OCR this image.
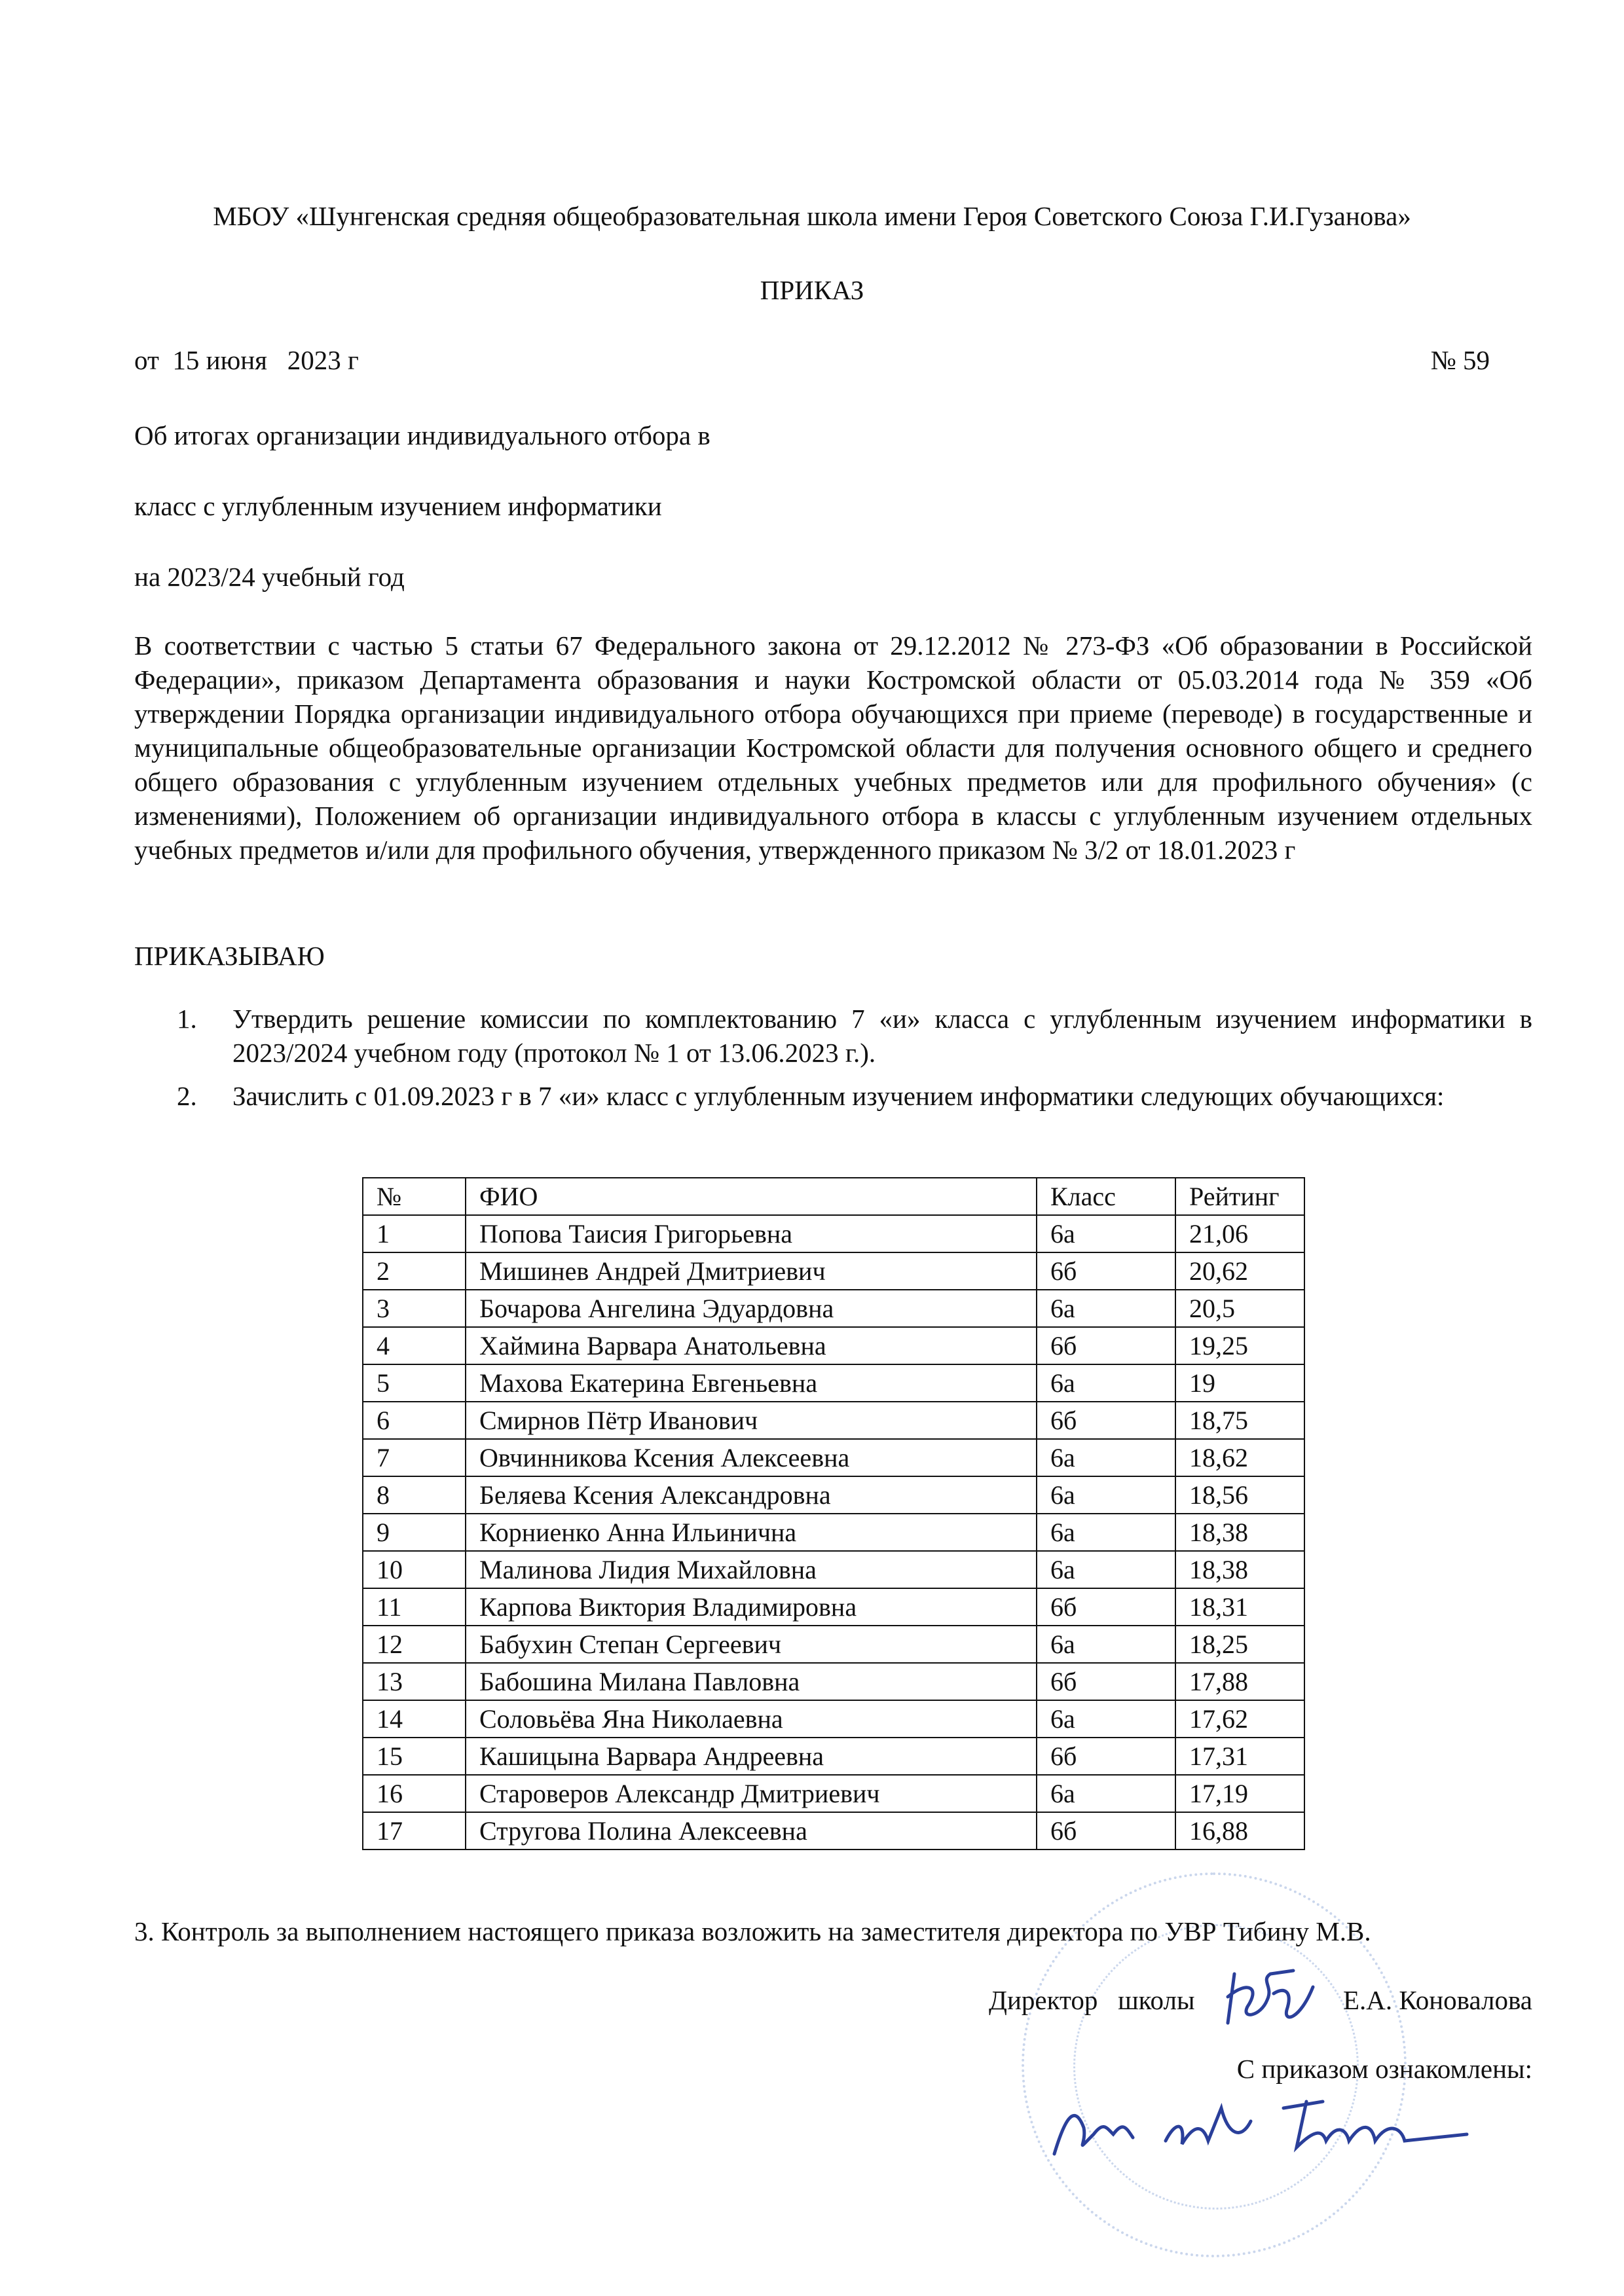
МБОУ «Шунгенская средняя общеобразовательная школа имени Героя Советского Союза Г.И.Гузанова»
ПРИКАЗ
от  15 июня   2023 г	№ 59
Об итогах организации индивидуального отбора в
класс с углубленным изучением информатики
на 2023/24 учебный год
В соответствии с частью 5 статьи 67 Федерального закона от 29.12.2012 № 273-ФЗ «Об образовании в Российской Федерации», приказом Департамента образования и науки Костромской области от 05.03.2014 года № 359 «Об утверждении Порядка организации индивидуального отбора обучающихся при приеме (переводе) в государственные и муниципальные общеобразовательные организации Костромской области для получения основного общего и среднего общего образования с углубленным изучением отдельных учебных предметов или для профильного обучения» (с изменениями), Положением об организации индивидуального отбора в классы с углубленным изучением отдельных учебных предметов и/или для профильного обучения, утвержденного приказом № 3/2 от 18.01.2023 г
ПРИКАЗЫВАЮ
1. Утвердить решение комиссии по комплектованию 7 «и» класса с углубленным изучением информатики в 2023/2024 учебном году (протокол № 1 от 13.06.2023 г.).
2. Зачислить с 01.09.2023 г в 7 «и» класс с углубленным изучением информатики следующих обучающихся:
№	ФИО	Класс	Рейтинг
1	Попова Таисия Григорьевна	6а	21,06
2	Мишинев Андрей Дмитриевич	6б	20,62
3	Бочарова Ангелина Эдуардовна	6а	20,5
4	Хаймина Варвара Анатольевна	6б	19,25
5	Махова Екатерина Евгеньевна	6а	19
6	Смирнов Пётр Иванович	6б	18,75
7	Овчинникова Ксения Алексеевна	6а	18,62
8	Беляева Ксения Александровна	6а	18,56
9	Корниенко Анна Ильинична	6а	18,38
10	Малинова Лидия Михайловна	6а	18,38
11	Карпова Виктория Владимировна	6б	18,31
12	Бабухин Степан Сергеевич	6а	18,25
13	Бабошина Милана Павловна	6б	17,88
14	Соловьёва Яна Николаевна	6а	17,62
15	Кашицына Варвара Андреевна	6б	17,31
16	Староверов Александр Дмитриевич	6а	17,19
17	Стругова Полина Алексеевна	6б	16,88
3. Контроль за выполнением настоящего приказа возложить на заместителя директора по УВР Тибину М.В.
Директор   школы	Е.А. Коновалова
С приказом ознакомлены:
